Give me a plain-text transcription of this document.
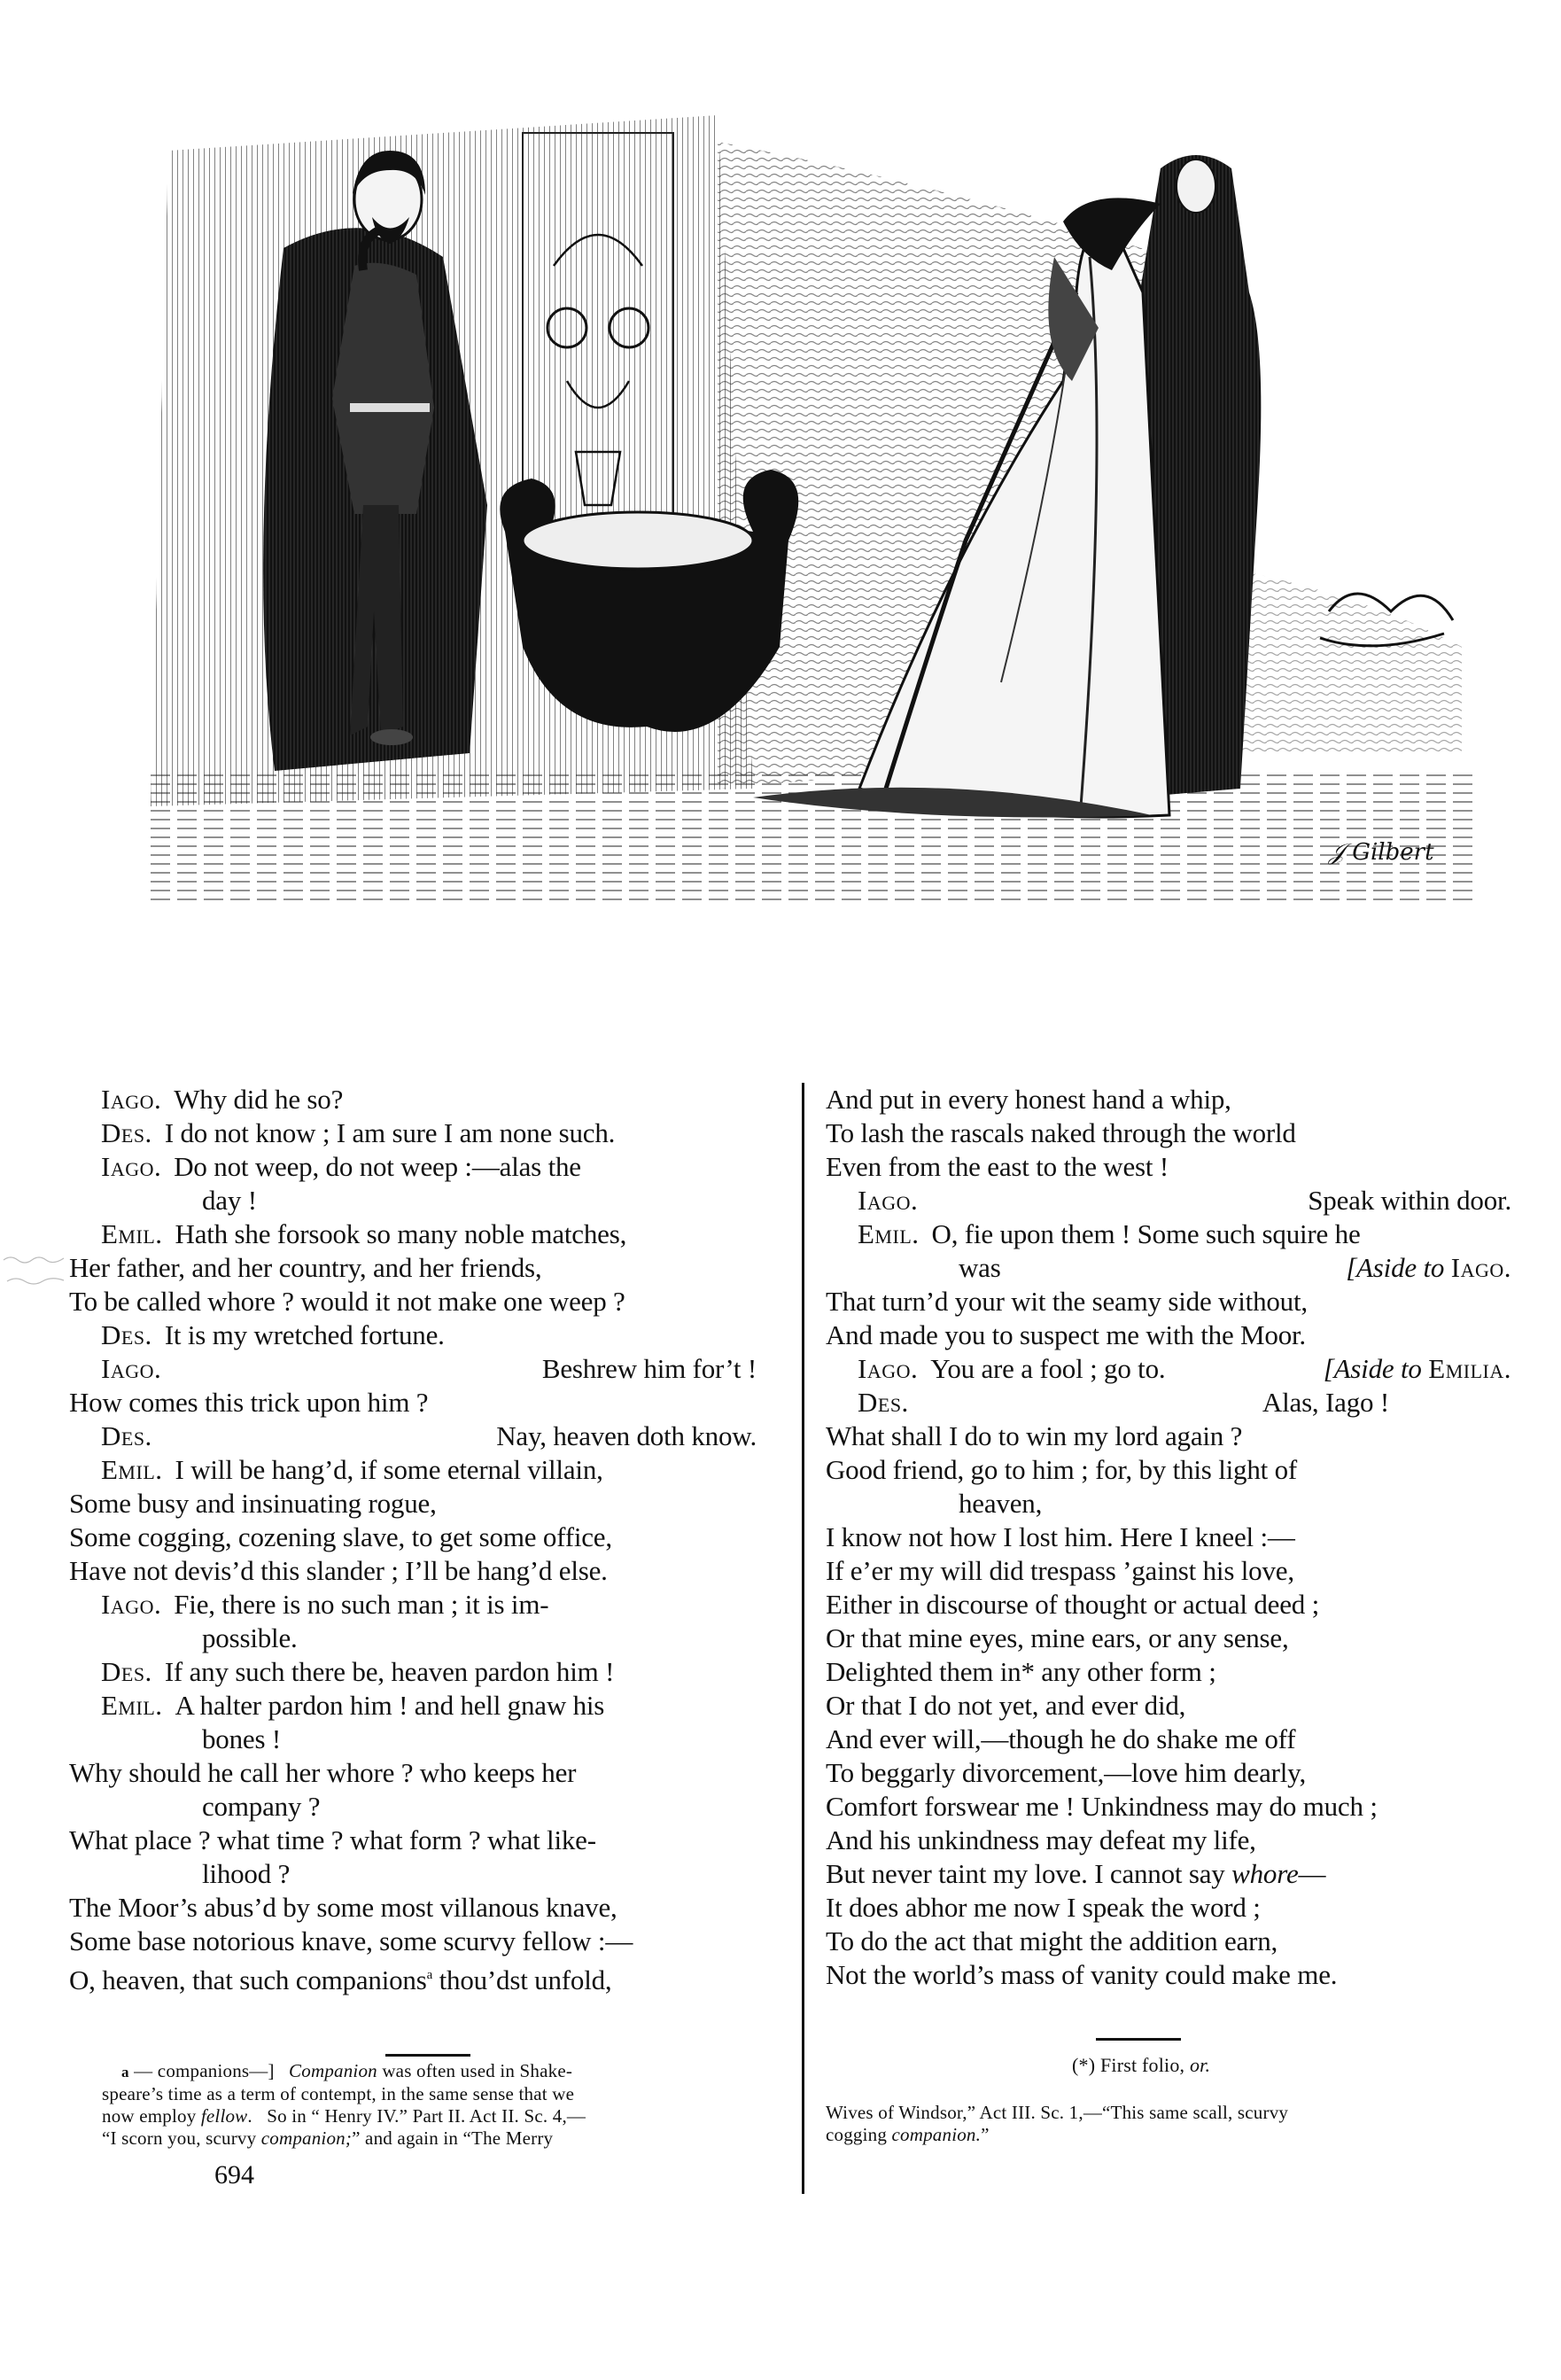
𝒥 Gilbert
Iago. Why did he so?
Des. I do not know ; I am sure I am none such.
Iago. Do not weep, do not weep :—alas the
day !
Emil. Hath she forsook so many noble matches,
Her father, and her country, and her friends,
To be called whore ? would it not make one weep ?
Des. It is my wretched fortune.
Iago.	Beshrew him for’t !
How comes this trick upon him ?
Des.	Nay, heaven doth know.
Emil. I will be hang’d, if some eternal villain,
Some busy and insinuating rogue,
Some cogging, cozening slave, to get some office,
Have not devis’d this slander ; I’ll be hang’d else.
Iago. Fie, there is no such man ; it is im-
possible.
Des. If any such there be, heaven pardon him !
Emil. A halter pardon him ! and hell gnaw his
bones !
Why should he call her whore ? who keeps her
company ?
What place ? what time ? what form ? what like-
lihood ?
The Moor’s abus’d by some most villanous knave,
Some base notorious knave, some scurvy fellow :—
O, heaven, that such companions$^a$ thou’dst unfold,
a — companions—] Companion was often used in Shake-
speare’s time as a term of contempt, in the same sense that we
now employ fellow.   So in “ Henry IV.” Part II. Act II. Sc. 4,—
“I scorn you, scurvy companion;” and again in “The Merry
694
And put in every honest hand a whip,
To lash the rascals naked through the world
Even from the east to the west !
Iago.	Speak within door.
Emil. O, fie upon them ! Some such squire he
was	[Aside to Iago.
That turn’d your wit the seamy side without,
And made you to suspect me with the Moor.
Iago. You are a fool ; go to.	[Aside to Emilia.
Des.	Alas, Iago !
What shall I do to win my lord again ?
Good friend, go to him ; for, by this light of
heaven,
I know not how I lost him. Here I kneel :—
If e’er my will did trespass ’gainst his love,
Either in discourse of thought or actual deed ;
Or that mine eyes, mine ears, or any sense,
Delighted them in* any other form ;
Or that I do not yet, and ever did,
And ever will,—though he do shake me off
To beggarly divorcement,—love him dearly,
Comfort forswear me ! Unkindness may do much ;
And his unkindness may defeat my life,
But never taint my love. I cannot say whore—
It does abhor me now I speak the word ;
To do the act that might the addition earn,
Not the world’s mass of vanity could make me.
(*) First folio, or.
Wives of Windsor,” Act III. Sc. 1,—“This same scall, scurvy
cogging companion.”
